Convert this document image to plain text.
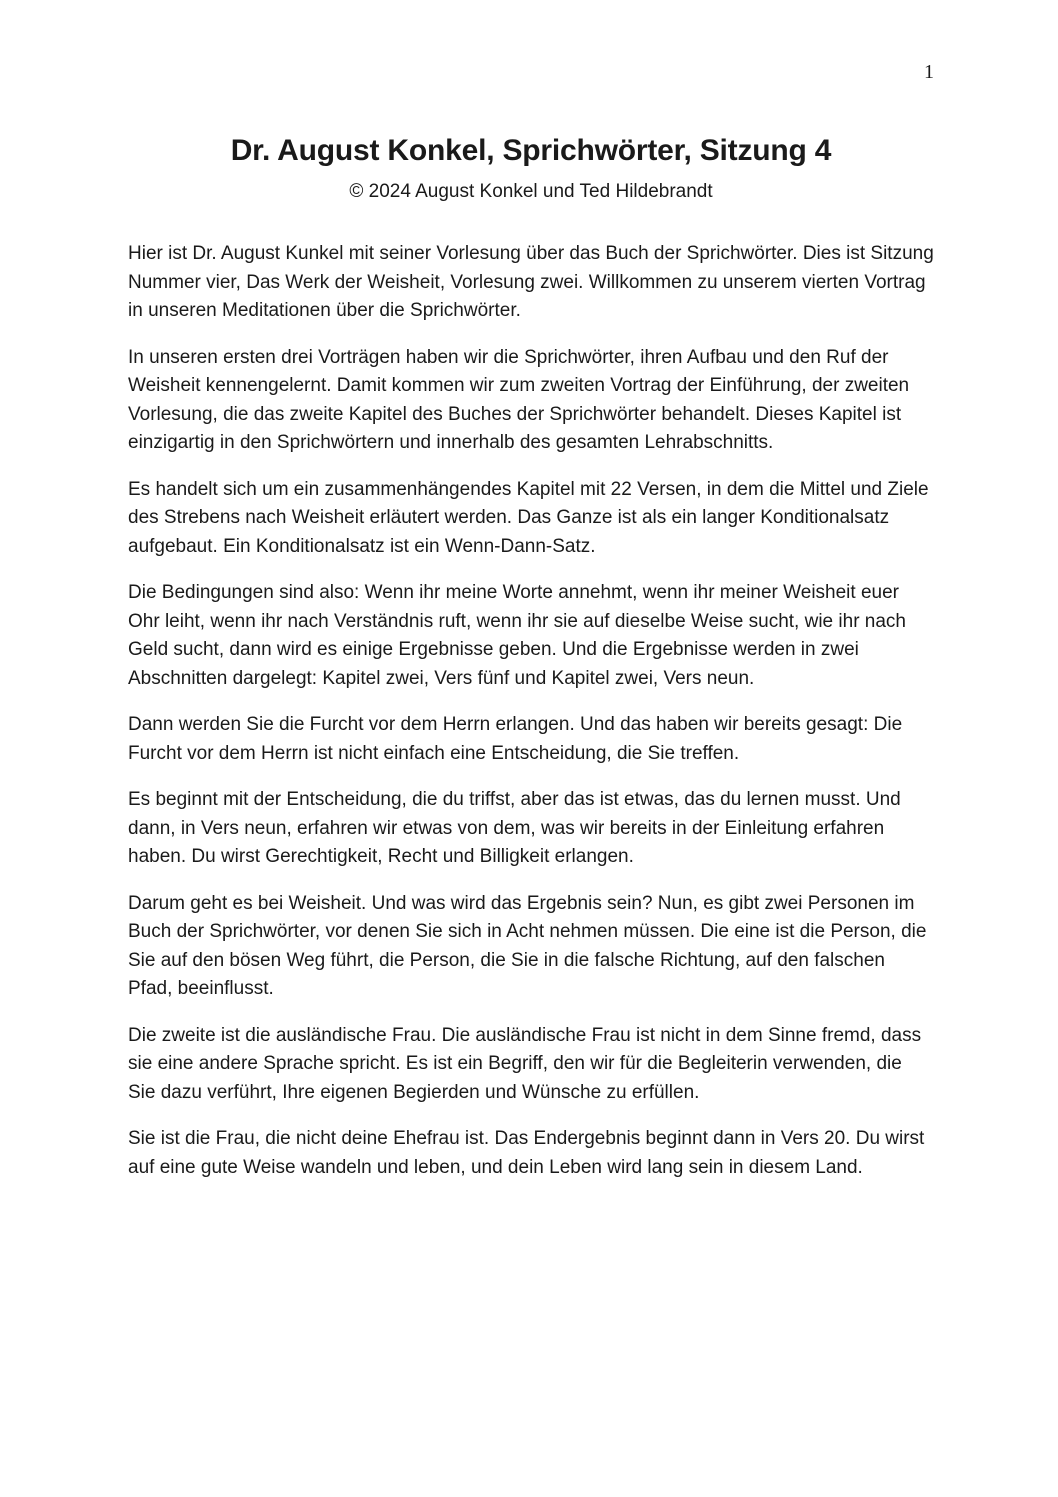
1
Dr. August Konkel, Sprichwörter, Sitzung 4
© 2024 August Konkel und Ted Hildebrandt

Hier ist Dr. August Kunkel mit seiner Vorlesung über das Buch der Sprichwörter. Dies ist Sitzung Nummer vier, Das Werk der Weisheit, Vorlesung zwei. Willkommen zu unserem vierten Vortrag in unseren Meditationen über die Sprichwörter.

In unseren ersten drei Vorträgen haben wir die Sprichwörter, ihren Aufbau und den Ruf der Weisheit kennengelernt. Damit kommen wir zum zweiten Vortrag der Einführung, der zweiten Vorlesung, die das zweite Kapitel des Buches der Sprichwörter behandelt. Dieses Kapitel ist einzigartig in den Sprichwörtern und innerhalb des gesamten Lehrabschnitts.

Es handelt sich um ein zusammenhängendes Kapitel mit 22 Versen, in dem die Mittel und Ziele des Strebens nach Weisheit erläutert werden. Das Ganze ist als ein langer Konditionalsatz aufgebaut. Ein Konditionalsatz ist ein Wenn-Dann-Satz.

Die Bedingungen sind also: Wenn ihr meine Worte annehmt, wenn ihr meiner Weisheit euer Ohr leiht, wenn ihr nach Verständnis ruft, wenn ihr sie auf dieselbe Weise sucht, wie ihr nach Geld sucht, dann wird es einige Ergebnisse geben. Und die Ergebnisse werden in zwei Abschnitten dargelegt: Kapitel zwei, Vers fünf und Kapitel zwei, Vers neun.

Dann werden Sie die Furcht vor dem Herrn erlangen. Und das haben wir bereits gesagt: Die Furcht vor dem Herrn ist nicht einfach eine Entscheidung, die Sie treffen.

Es beginnt mit der Entscheidung, die du triffst, aber das ist etwas, das du lernen musst. Und dann, in Vers neun, erfahren wir etwas von dem, was wir bereits in der Einleitung erfahren haben. Du wirst Gerechtigkeit, Recht und Billigkeit erlangen.

Darum geht es bei Weisheit. Und was wird das Ergebnis sein? Nun, es gibt zwei Personen im Buch der Sprichwörter, vor denen Sie sich in Acht nehmen müssen. Die eine ist die Person, die Sie auf den bösen Weg führt, die Person, die Sie in die falsche Richtung, auf den falschen Pfad, beeinflusst.

Die zweite ist die ausländische Frau. Die ausländische Frau ist nicht in dem Sinne fremd, dass sie eine andere Sprache spricht. Es ist ein Begriff, den wir für die Begleiterin verwenden, die Sie dazu verführt, Ihre eigenen Begierden und Wünsche zu erfüllen.

Sie ist die Frau, die nicht deine Ehefrau ist. Das Endergebnis beginnt dann in Vers 20. Du wirst auf eine gute Weise wandeln und leben, und dein Leben wird lang sein in diesem Land.
